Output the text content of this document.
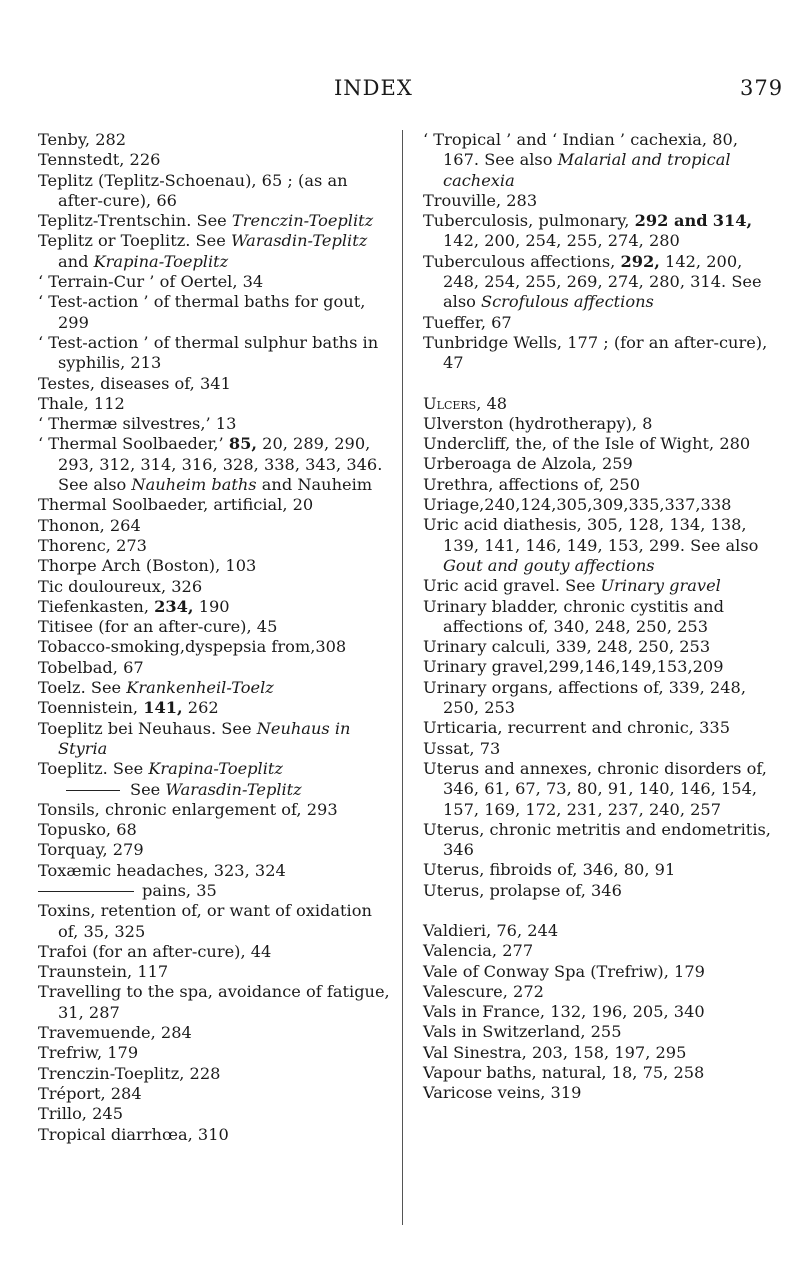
INDEX	379
Tenby, 282
Tennstedt, 226
Teplitz (Teplitz-Schoenau), 65 ; (as an after-cure), 66
Teplitz-Trentschin. See Trenczin-Toeplitz
Teplitz or Toeplitz. See Warasdin-Teplitz and Krapina-Toeplitz
‘ Terrain-Cur ’ of Oertel, 34
‘ Test-action ’ of thermal baths for gout, 299
‘ Test-action ’ of thermal sulphur baths in syphilis, 213
Testes, diseases of, 341
Thale, 112
‘ Thermæ silvestres,’ 13
‘ Thermal Soolbaeder,’ 85, 20, 289, 290, 293, 312, 314, 316, 328, 338, 343, 346. See also Nauheim baths and Nauheim
Thermal Soolbaeder, artificial, 20
Thonon, 264
Thorenc, 273
Thorpe Arch (Boston), 103
Tic douloureux, 326
Tiefenkasten, 234, 190
Titisee (for an after-cure), 45
Tobacco-smoking,dyspepsia from,308
Tobelbad, 67
Toelz. See Krankenheil-Toelz
Toennistein, 141, 262
Toeplitz bei Neuhaus. See Neuhaus in Styria
Toeplitz. See Krapina-Toeplitz
See Warasdin-Teplitz
Tonsils, chronic enlargement of, 293
Topusko, 68
Torquay, 279
Toxæmic headaches, 323, 324
pains, 35
Toxins, retention of, or want of oxidation of, 35, 325
Trafoi (for an after-cure), 44
Traunstein, 117
Travelling to the spa, avoidance of fatigue, 31, 287
Travemuende, 284
Trefriw, 179
Trenczin-Toeplitz, 228
Tréport, 284
Trillo, 245
Tropical diarrhœa, 310
‘ Tropical ’ and ‘ Indian ’ cachexia, 80, 167. See also Malarial and tropical cachexia
Trouville, 283
Tuberculosis, pulmonary, 292 and 314, 142, 200, 254, 255, 274, 280
Tuberculous affections, 292, 142, 200, 248, 254, 255, 269, 274, 280, 314. See also Scrofulous affections
Tueffer, 67
Tunbridge Wells, 177 ; (for an after-cure), 47
Ulcers, 48
Ulverston (hydrotherapy), 8
Undercliff, the, of the Isle of Wight, 280
Urberoaga de Alzola, 259
Urethra, affections of, 250
Uriage,240,124,305,309,335,337,338
Uric acid diathesis, 305, 128, 134, 138, 139, 141, 146, 149, 153, 299. See also Gout and gouty affections
Uric acid gravel. See Urinary gravel
Urinary bladder, chronic cystitis and affections of, 340, 248, 250, 253
Urinary calculi, 339, 248, 250, 253
Urinary gravel,299,146,149,153,209
Urinary organs, affections of, 339, 248, 250, 253
Urticaria, recurrent and chronic, 335
Ussat, 73
Uterus and annexes, chronic disorders of, 346, 61, 67, 73, 80, 91, 140, 146, 154, 157, 169, 172, 231, 237, 240, 257
Uterus, chronic metritis and endometritis, 346
Uterus, fibroids of, 346, 80, 91
Uterus, prolapse of, 346
Valdieri, 76, 244
Valencia, 277
Vale of Conway Spa (Trefriw), 179
Valescure, 272
Vals in France, 132, 196, 205, 340
Vals in Switzerland, 255
Val Sinestra, 203, 158, 197, 295
Vapour baths, natural, 18, 75, 258
Varicose veins, 319
